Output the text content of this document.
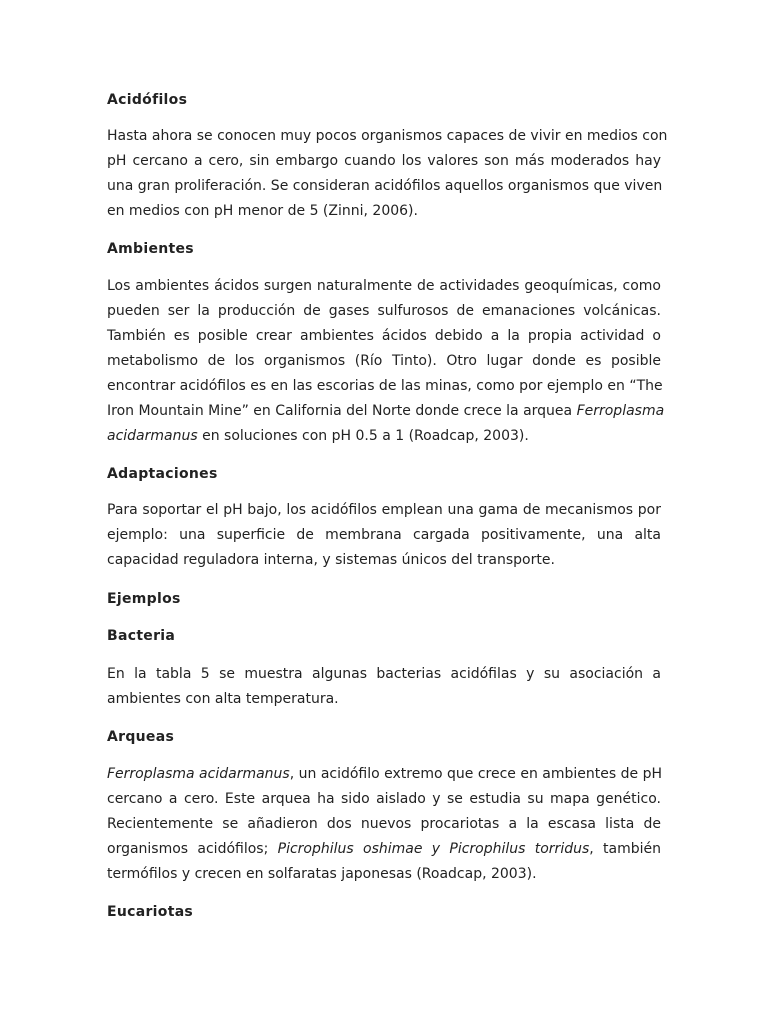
Acidófilos
Hasta ahora se conocen muy pocos organismos capaces de vivir en medios con
pH cercano a cero, sin embargo cuando los valores son más moderados hay
una gran proliferación. Se consideran acidófilos aquellos organismos que viven
en medios con pH menor de 5 (Zinni, 2006).
Ambientes
Los ambientes ácidos surgen naturalmente de actividades geoquímicas, como
pueden ser la producción de gases sulfurosos de emanaciones volcánicas.
También es posible crear ambientes ácidos debido a la propia actividad o
metabolismo de los organismos (Río Tinto). Otro lugar donde es posible
encontrar acidófilos es en las escorias de las minas, como por ejemplo en “The
Iron Mountain Mine” en California del Norte donde crece la arquea Ferroplasma
acidarmanus en soluciones con pH 0.5 a 1 (Roadcap, 2003).
Adaptaciones
Para soportar el pH bajo, los acidófilos emplean una gama de mecanismos por
ejemplo: una superficie de membrana cargada positivamente, una alta
capacidad reguladora interna, y sistemas únicos del transporte.
Ejemplos
Bacteria
En la tabla 5 se muestra algunas bacterias acidófilas y su asociación a
ambientes con alta temperatura.
Arqueas
Ferroplasma acidarmanus, un acidófilo extremo que crece en ambientes de pH
cercano a cero. Este arquea ha sido aislado y se estudia su mapa genético.
Recientemente se añadieron dos nuevos procariotas a la escasa lista de
organismos acidófilos; Picrophilus oshimae y Picrophilus torridus, también
termófilos y crecen en solfaratas japonesas (Roadcap, 2003).
Eucariotas
